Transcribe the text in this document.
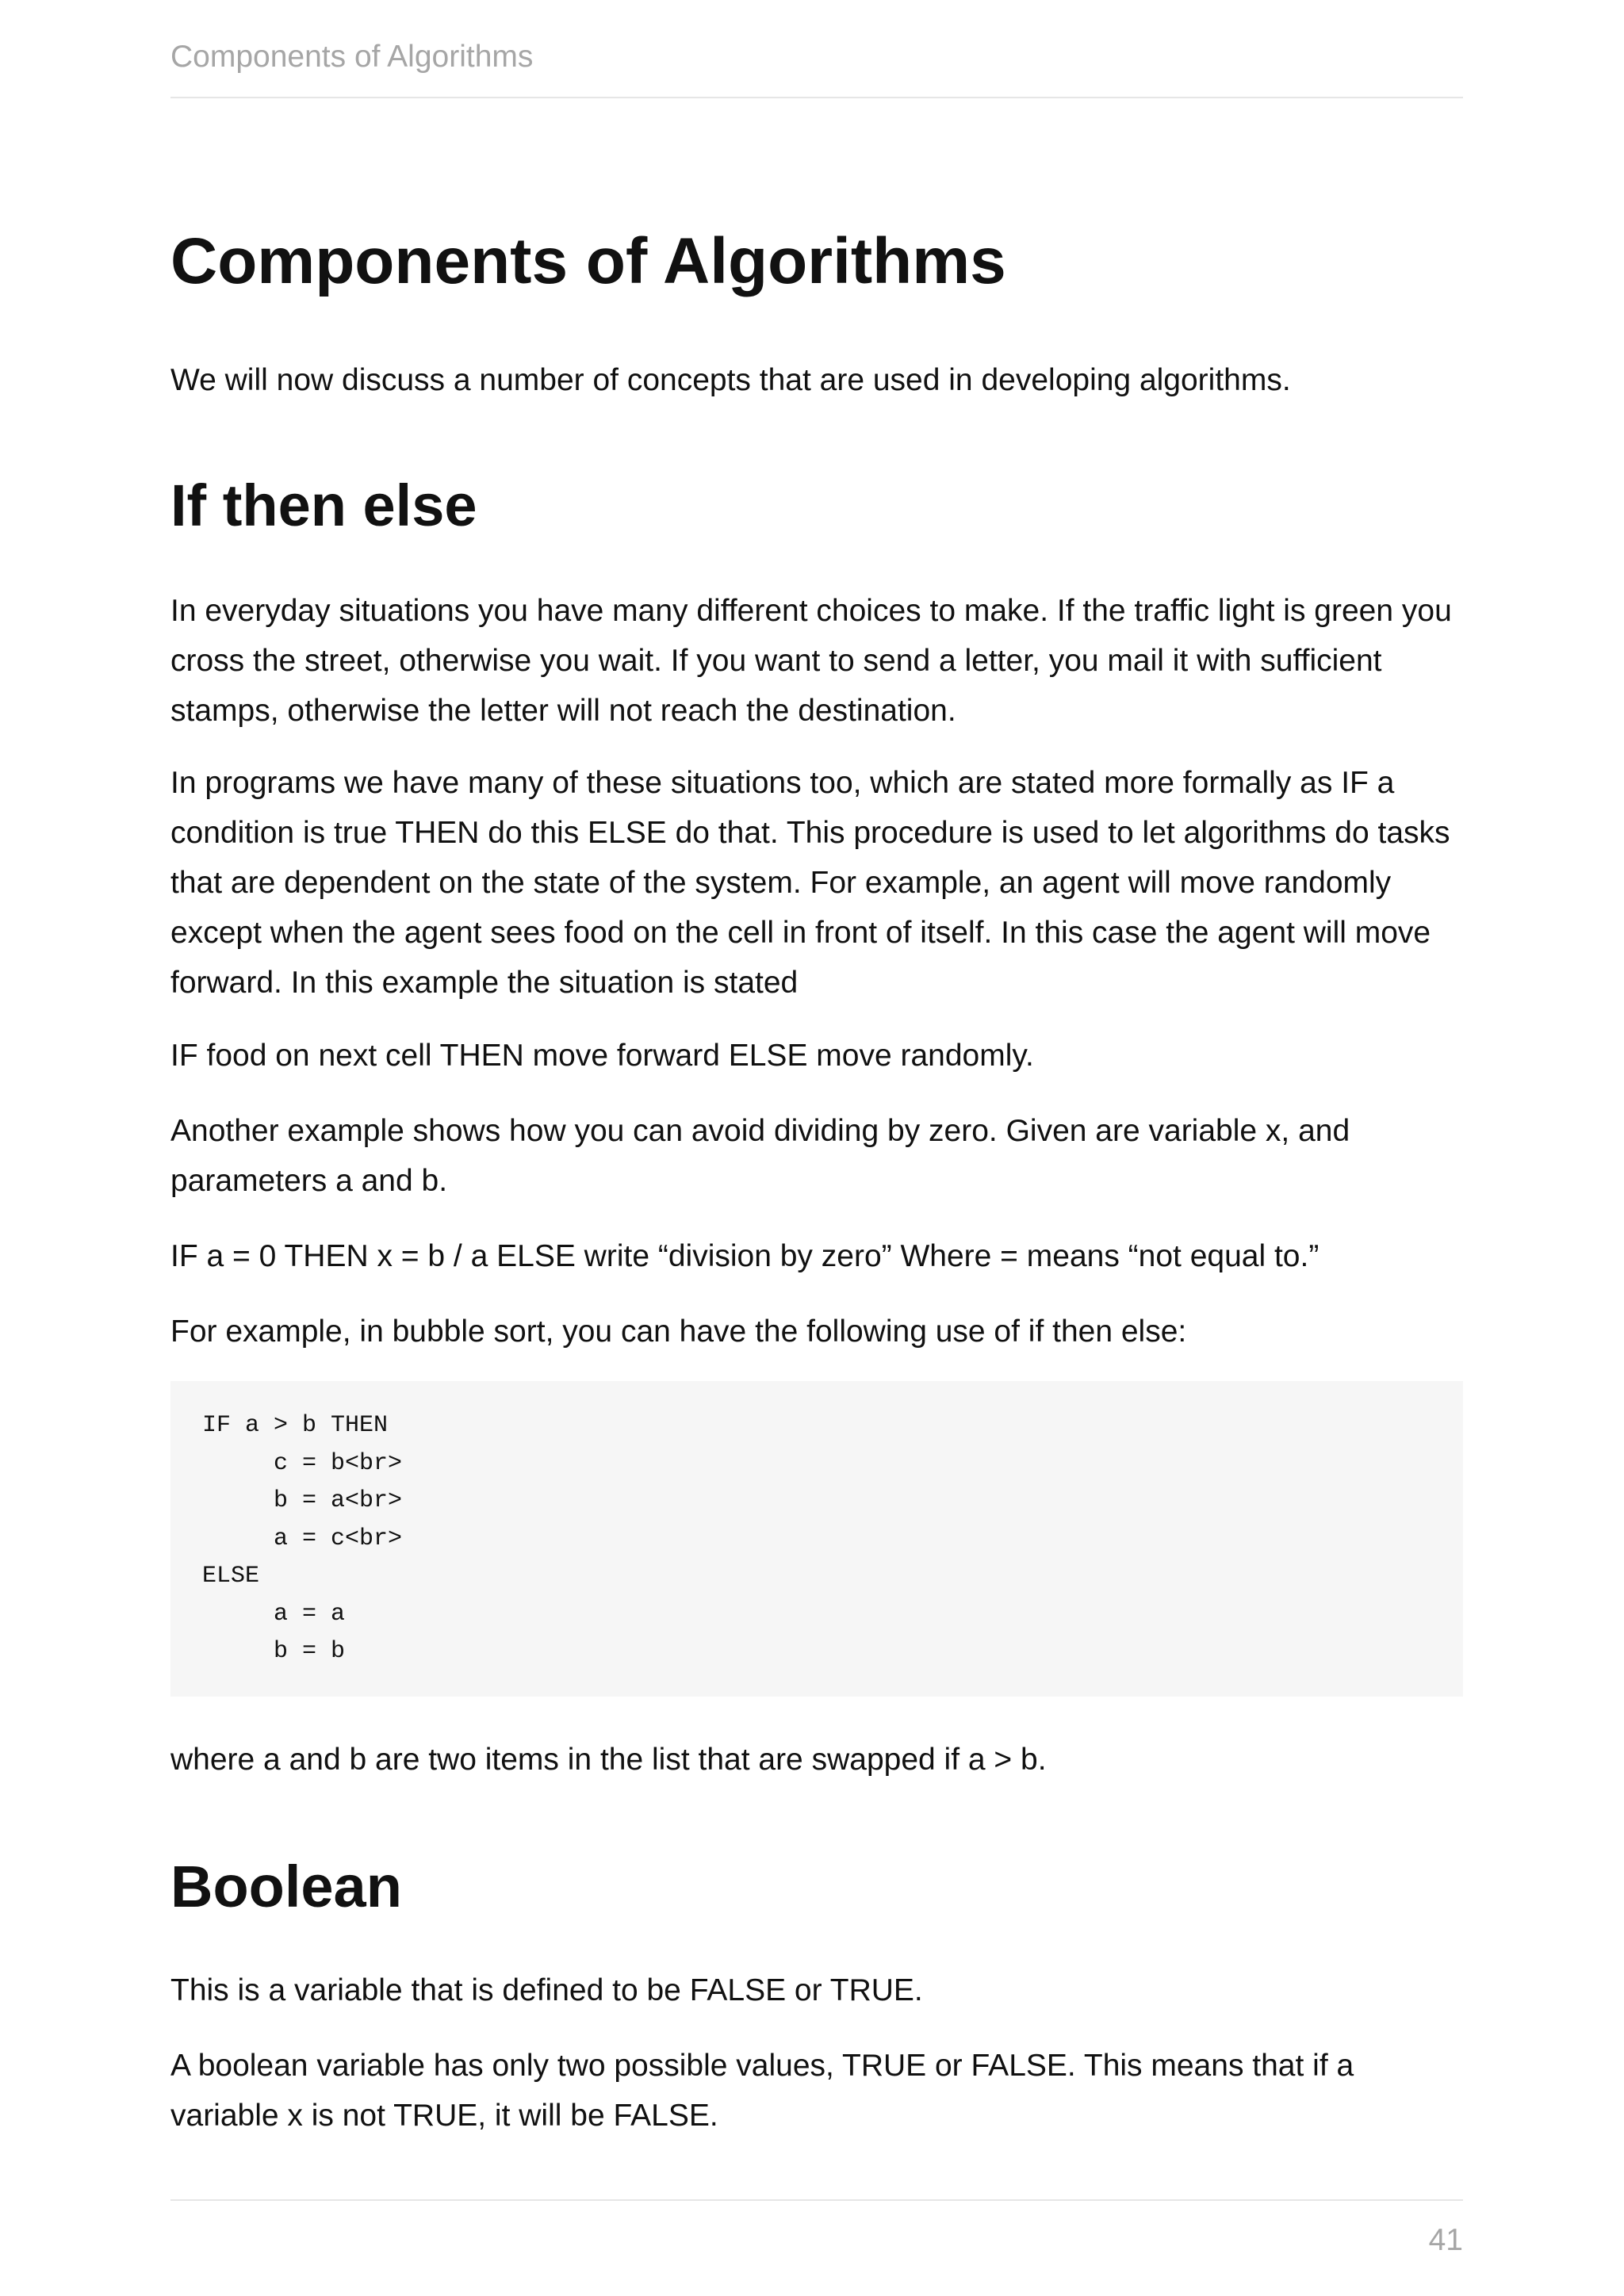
Components of Algorithms
Components of Algorithms

We will now discuss a number of concepts that are used in developing algorithms.

If then else

In everyday situations you have many different choices to make. If the traffic light is green you cross the street, otherwise you wait. If you want to send a letter, you mail it with sufficient stamps, otherwise the letter will not reach the destination.

In programs we have many of these situations too, which are stated more formally as IF a condition is true THEN do this ELSE do that. This procedure is used to let algorithms do tasks that are dependent on the state of the system. For example, an agent will move randomly except when the agent sees food on the cell in front of itself. In this case the agent will move forward. In this example the situation is stated

IF food on next cell THEN move forward ELSE move randomly.

Another example shows how you can avoid dividing by zero. Given are variable x, and parameters a and b.

IF a = 0 THEN x = b / a ELSE write “division by zero” Where = means “not equal to.”

For example, in bubble sort, you can have the following use of if then else:

IF a > b THEN
c = b<br>
b = a<br>
a = c<br>
ELSE
a = a
b = b

where a and b are two items in the list that are swapped if a > b.

Boolean

This is a variable that is defined to be FALSE or TRUE.

A boolean variable has only two possible values, TRUE or FALSE. This means that if a variable x is not TRUE, it will be FALSE.

41
